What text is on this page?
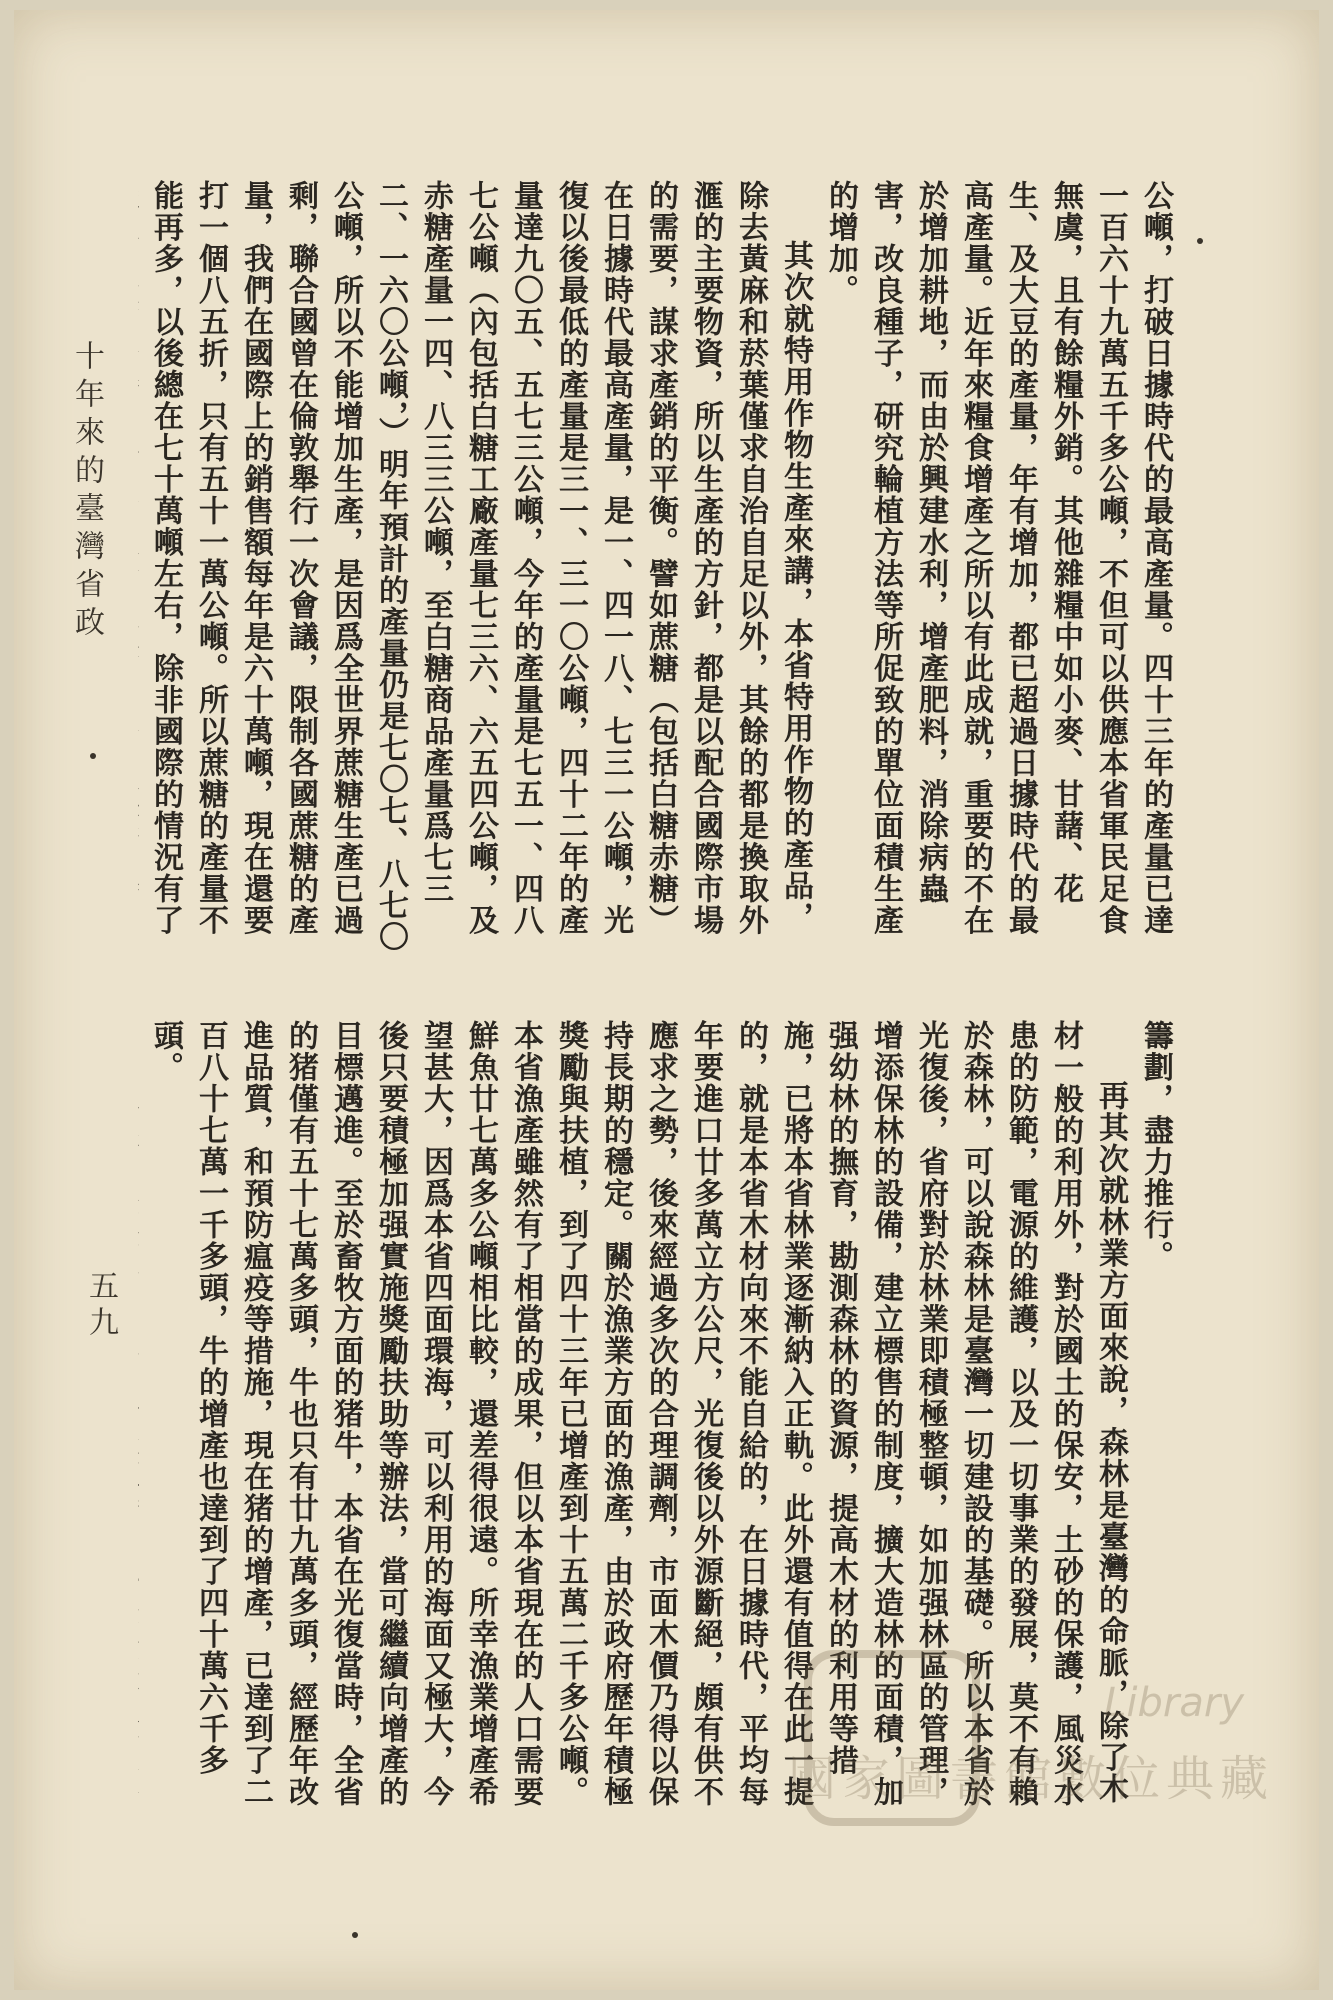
公噸，打破日據時代的最高產量。四十三年的產量已達一百六十九萬五千多公噸，不但可以供應本省軍民足食無虞，且有餘糧外銷。其他雜糧中如小麥、甘藷、花生、及大豆的產量，年有增加，都已超過日據時代的最高產量。近年來糧食增產之所以有此成就，重要的不在於增加耕地，而由於興建水利，增產肥料，消除病蟲害，改良種子，研究輪植方法等所促致的單位面積生產的增加。

其次就特用作物生產來講，本省特用作物的產品，除去黃麻和菸葉僅求自治自足以外，其餘的都是換取外滙的主要物資，所以生產的方針，都是以配合國際市場的需要，謀求產銷的平衡。譬如蔗糖（包括白糖赤糖）在日據時代最高產量，是一、四一八、七三一公噸，光復以後最低的產量是三一、三一〇公噸，四十二年的產量達九〇五、五七三公噸，今年的產量是七五一、四八七公噸（內包括白糖工廠產量七三六、六五四公噸，及赤糖產量一四、八三三公噸，至白糖商品產量爲七三二、一六〇公噸，）明年預計的產量仍是七〇七、八七〇公噸，所以不能增加生產，是因爲全世界蔗糖生產已過剩，聯合國曾在倫敦舉行一次會議，限制各國蔗糖的產量，我們在國際上的銷售額每年是六十萬噸，現在還要打一個八五折，只有五十一萬公噸。所以蔗糖的產量不能再多，以後總在七十萬噸左右，除非國際的情況有了

籌劃，盡力推行。

再其次就林業方面來說，森林是臺灣的命脈，除了木材一般的利用外，對於國土的保安，土砂的保護，風災水患的防範，電源的維護，以及一切事業的發展，莫不有賴於森林，可以說森林是臺灣一切建設的基礎。所以本省於光復後，省府對於林業即積極整頓，如加强林區的管理，增添保林的設備，建立標售的制度，擴大造林的面積，加强幼林的撫育，勘測森林的資源，提高木材的利用等措施，已將本省林業逐漸納入正軌。此外還有值得在此一提的，就是本省木材向來不能自給的，在日據時代，平均每年要進口廿多萬立方公尺，光復後以外源斷絕，頗有供不應求之勢，後來經過多次的合理調劑，市面木價乃得以保持長期的穩定。關於漁業方面的漁產，由於政府歷年積極獎勵與扶植，到了四十三年已增產到十五萬二千多公噸。本省漁產雖然有了相當的成果，但以本省現在的人口需要鮮魚廿七萬多公噸相比較，還差得很遠。所幸漁業增產希望甚大，因爲本省四面環海，可以利用的海面又極大，今後只要積極加强實施獎勵扶助等辦法，當可繼續向增產的目標邁進。至於畜牧方面的猪牛，本省在光復當時，全省的猪僅有五十七萬多頭，牛也只有廿九萬多頭，經歷年改進品質，和預防瘟疫等措施，現在猪的增產，已達到了二百八十七萬一千多頭，牛的增產也達到了四十萬六千多頭。

十年來的臺灣省政
五九
Library
國家圖書館數位典藏
